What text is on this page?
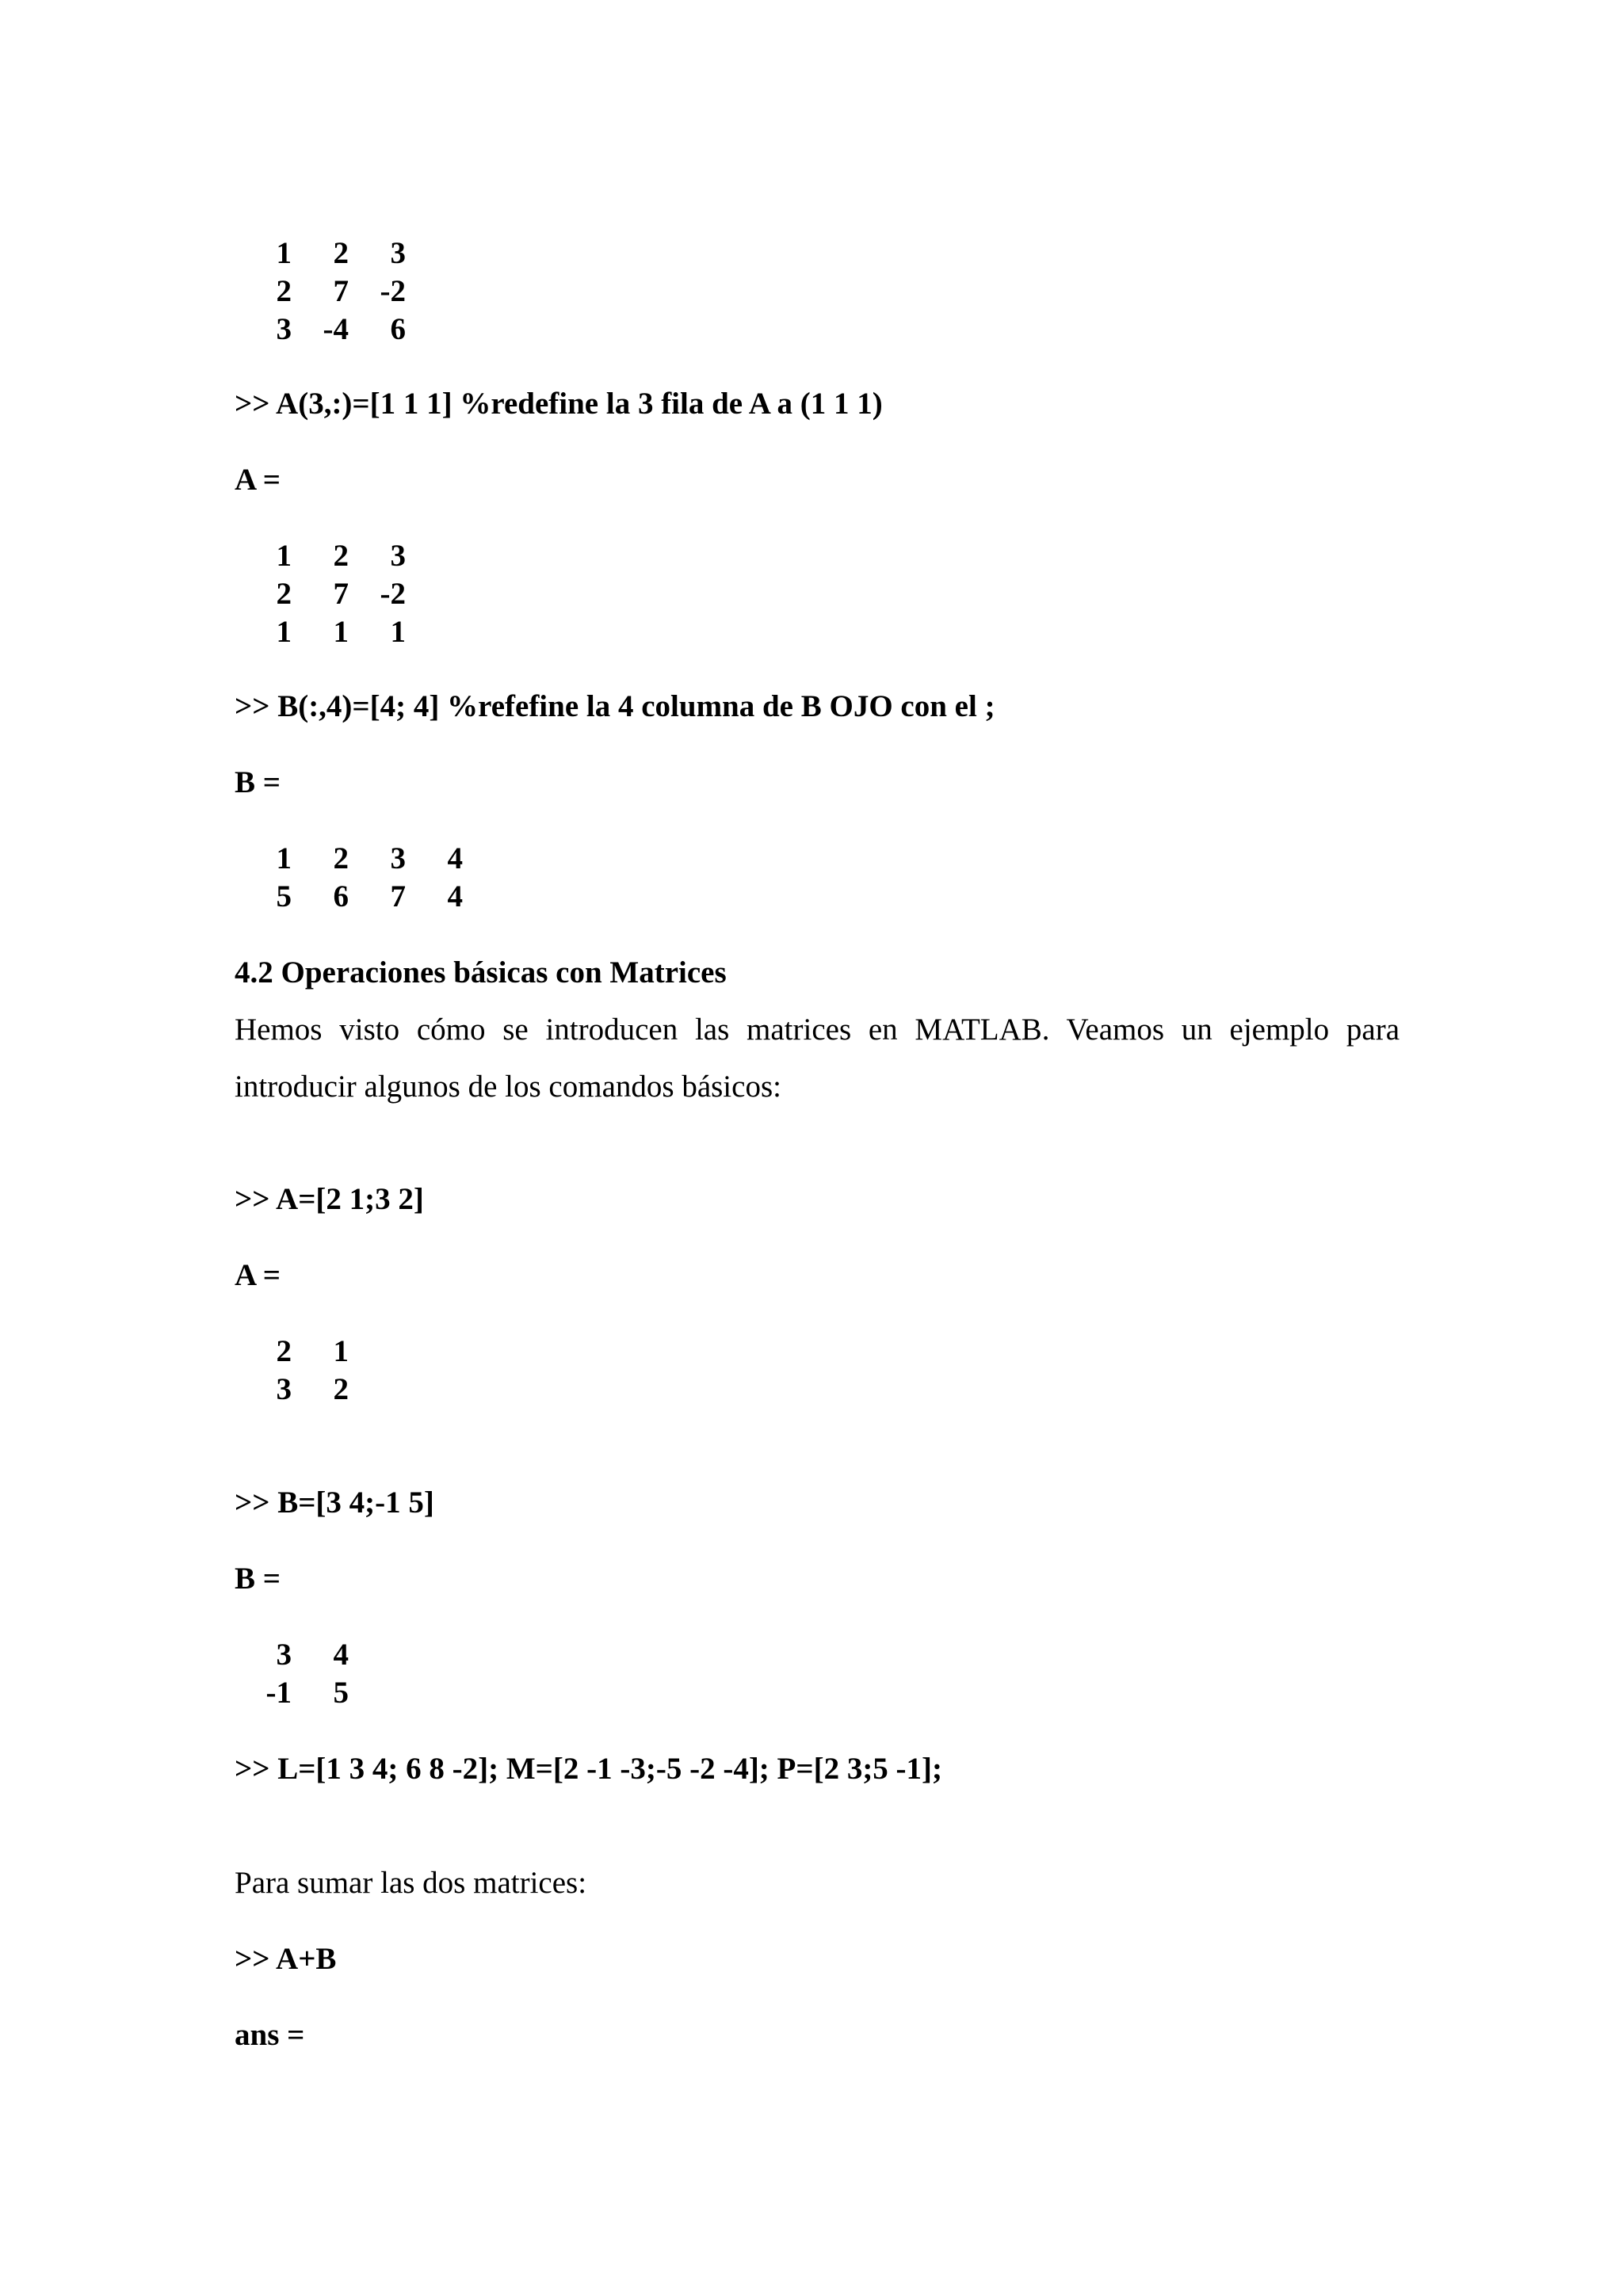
1	2	3
2	7	-2
3	-4	6
>> A(3,:)=[1 1 1] %redefine la 3 fila de A a (1 1 1)
A =
1	2	3
2	7	-2
1	1	1
>> B(:,4)=[4; 4] %refefine la 4 columna de B OJO con el ;
B =
1	2	3	4
5	6	7	4
4.2 Operaciones básicas con Matrices
Hemos visto cómo se introducen las matrices en MATLAB. Veamos un ejemplo para introducir algunos de los comandos básicos:
>> A=[2 1;3 2]
A =
2	1
3	2
>> B=[3 4;-1 5]
B =
3	4
-1	5
>> L=[1 3 4; 6 8 -2]; M=[2 -1 -3;-5 -2 -4]; P=[2 3;5 -1];
Para sumar las dos matrices:
>> A+B
ans =
